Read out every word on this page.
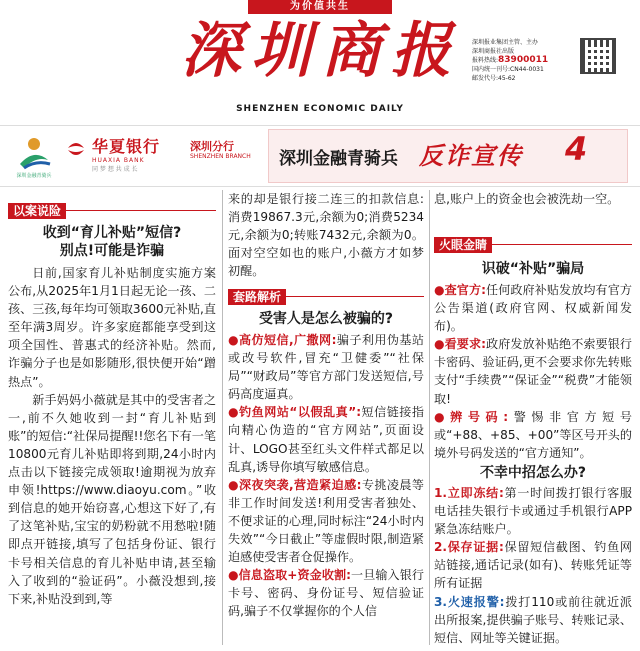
为价值共生
深圳商报
SHENZHEN ECONOMIC DAILY
深圳报业集团主管、主办
深圳商报社出版
报料热线:83900011
国内统一刊号:CN44-0031
邮发代号:45-62
深圳金融青骑兵
华夏银行
HUAXIA BANK
同 梦 想 共 成 长
深圳分行
SHENZHEN BRANCH 深圳金融青骑兵 反诈宣传 4
以案说险
收到“育儿补贴”短信?
别点!可能是诈骗

日前,国家育儿补贴制度实施方案公布,从2025年1月1日起无论一孩、二孩、三孩,每年均可领取3600元补贴,直至年满3周岁。许多家庭都能享受到这项全国性、普惠式的经济补贴。然而,诈骗分子也是如影随形,很快便开始“蹭热点”。

新手妈妈小薇就是其中的受害者之一,前不久她收到一封“育儿补贴到账”的短信:“社保局提醒!!您名下有一笔10800元育儿补贴即将到期,24小时内点击以下链接完成领取!逾期视为放弃申领!https://www.diaoyu.com。”收到信息的她开始窃喜,心想这下好了,有了这笔补贴,宝宝的奶粉就不用愁啦!随即点开链接,填写了包括身份证、银行卡号相关信息的育儿补贴申请,甚至输入了收到的“验证码”。小薇没想到,接下来,补贴没到到,等

来的却是银行接二连三的扣款信息:消费19867.3元,余额为0;消费5234元,余额为0;转账7432元,余额为0。面对空空如也的账户,小薇方才如梦初醒。

套路解析
受害人是怎么被骗的?
●高仿短信,广撒网:骗子利用伪基站或改号软件,冒充“卫健委”“社保局”“财政局”等官方部门发送短信,号码高度逼真。
●钓鱼网站“以假乱真”:短信链接指向精心伪造的“官方网站”,页面设计、LOGO甚至红头文件样式都足以乱真,诱导你填写敏感信息。
●深夜突袭,营造紧迫感:专挑凌晨等非工作时间发送!利用受害者独处、不便求证的心理,同时标注“24小时内失效”“今日截止”等虚假时限,制造紧迫感使受害者仓促操作。
●信息盗取+资金收割:一旦输入银行卡号、密码、身份证号、短信验证码,骗子不仅掌握你的个人信

息,账户上的资金也会被洗劫一空。

火眼金睛
识破“补贴”骗局
●查官方:任何政府补贴发放均有官方公告渠道(政府官网、权威新闻发布)。
●看要求:政府发放补贴绝不索要银行卡密码、验证码,更不会要求你先转账支付“手续费”“保证金”“税费”才能领取!
●辨号码:警惕非官方短号或“+88、+85、+00”等区号开头的境外号码发送的“官方通知”。
不幸中招怎么办?
1.立即冻结:第一时间拨打银行客服电话挂失银行卡或通过手机银行APP紧急冻结账户。
2.保存证据:保留短信截图、钓鱼网站链接,通话记录(如有)、转账凭证等所有证据
3.火速报警:拨打110或前往就近派出所报案,提供骗子账号、转账记录、短信、网址等关键证据。
